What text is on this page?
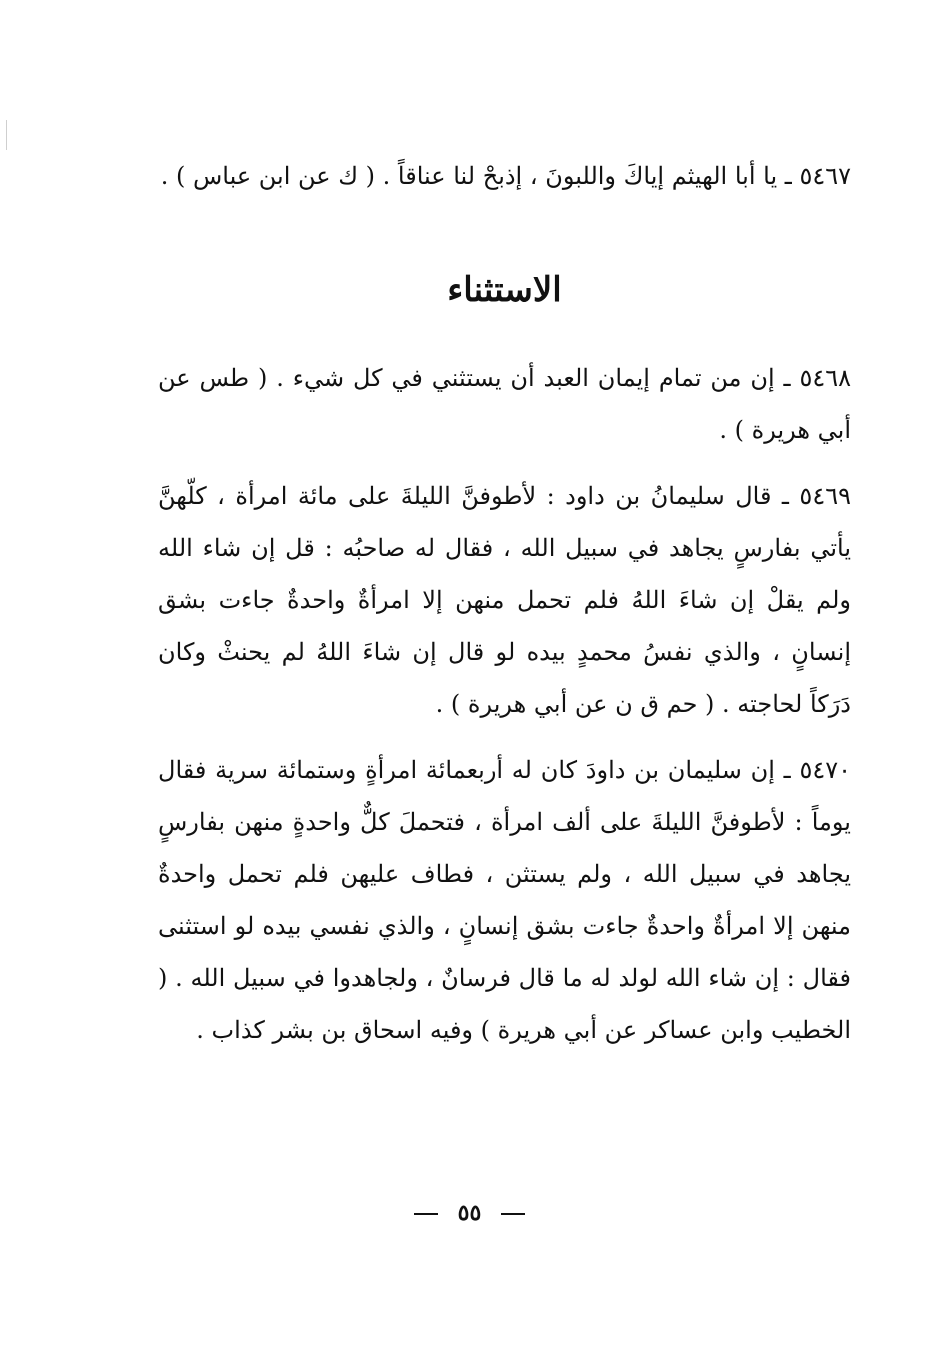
٥٤٦٧ ـ يا أبا الهيثم إياكَ واللبونَ ، إذبحْ لنا عناقاً . ( ك عن ابن عباس ) .

الاستثناء

٥٤٦٨ ـ إن من تمام إيمان العبد أن يستثني في كل شيء . ( طس عن أبي هريرة ) .

٥٤٦٩ ـ قال سليمانُ بن داود : لأطوفنَّ الليلةَ على مائة امرأة ، كلّهنَّ يأتي بفارسٍ يجاهد في سبيل الله ، فقال له صاحبُه : قل إن شاء الله ولم يقلْ إن شاءَ اللهُ فلم تحمل منهن إلا امرأةٌ واحدةٌ جاءت بشق إنسانٍ ، والذي نفسُ محمدٍ بيده لو قال إن شاءَ اللهُ لم يحنثْ وكان دَرَكاً لحاجته . ( حم ق ن عن أبي هريرة ) .

٥٤٧٠ ـ إن سليمان بن داودَ كان له أربعمائة امرأةٍ وستمائة سرية فقال يوماً : لأطوفنَّ الليلةَ على ألف امرأة ، فتحملَ كلٌّ واحدةٍ منهن بفارسٍ يجاهد في سبيل الله ، ولم يستثن ، فطاف عليهن فلم تحمل واحدةٌ منهن إلا امرأةٌ واحدةٌ جاءت بشق إنسانٍ ، والذي نفسي بيده لو استثنى فقال : إن شاء الله لولد له ما قال فرسانٌ ، ولجاهدوا في سبيل الله . ( الخطيب وابن عساكر عن أبي هريرة ) وفيه اسحاق بن بشر كذاب .

٥٥
